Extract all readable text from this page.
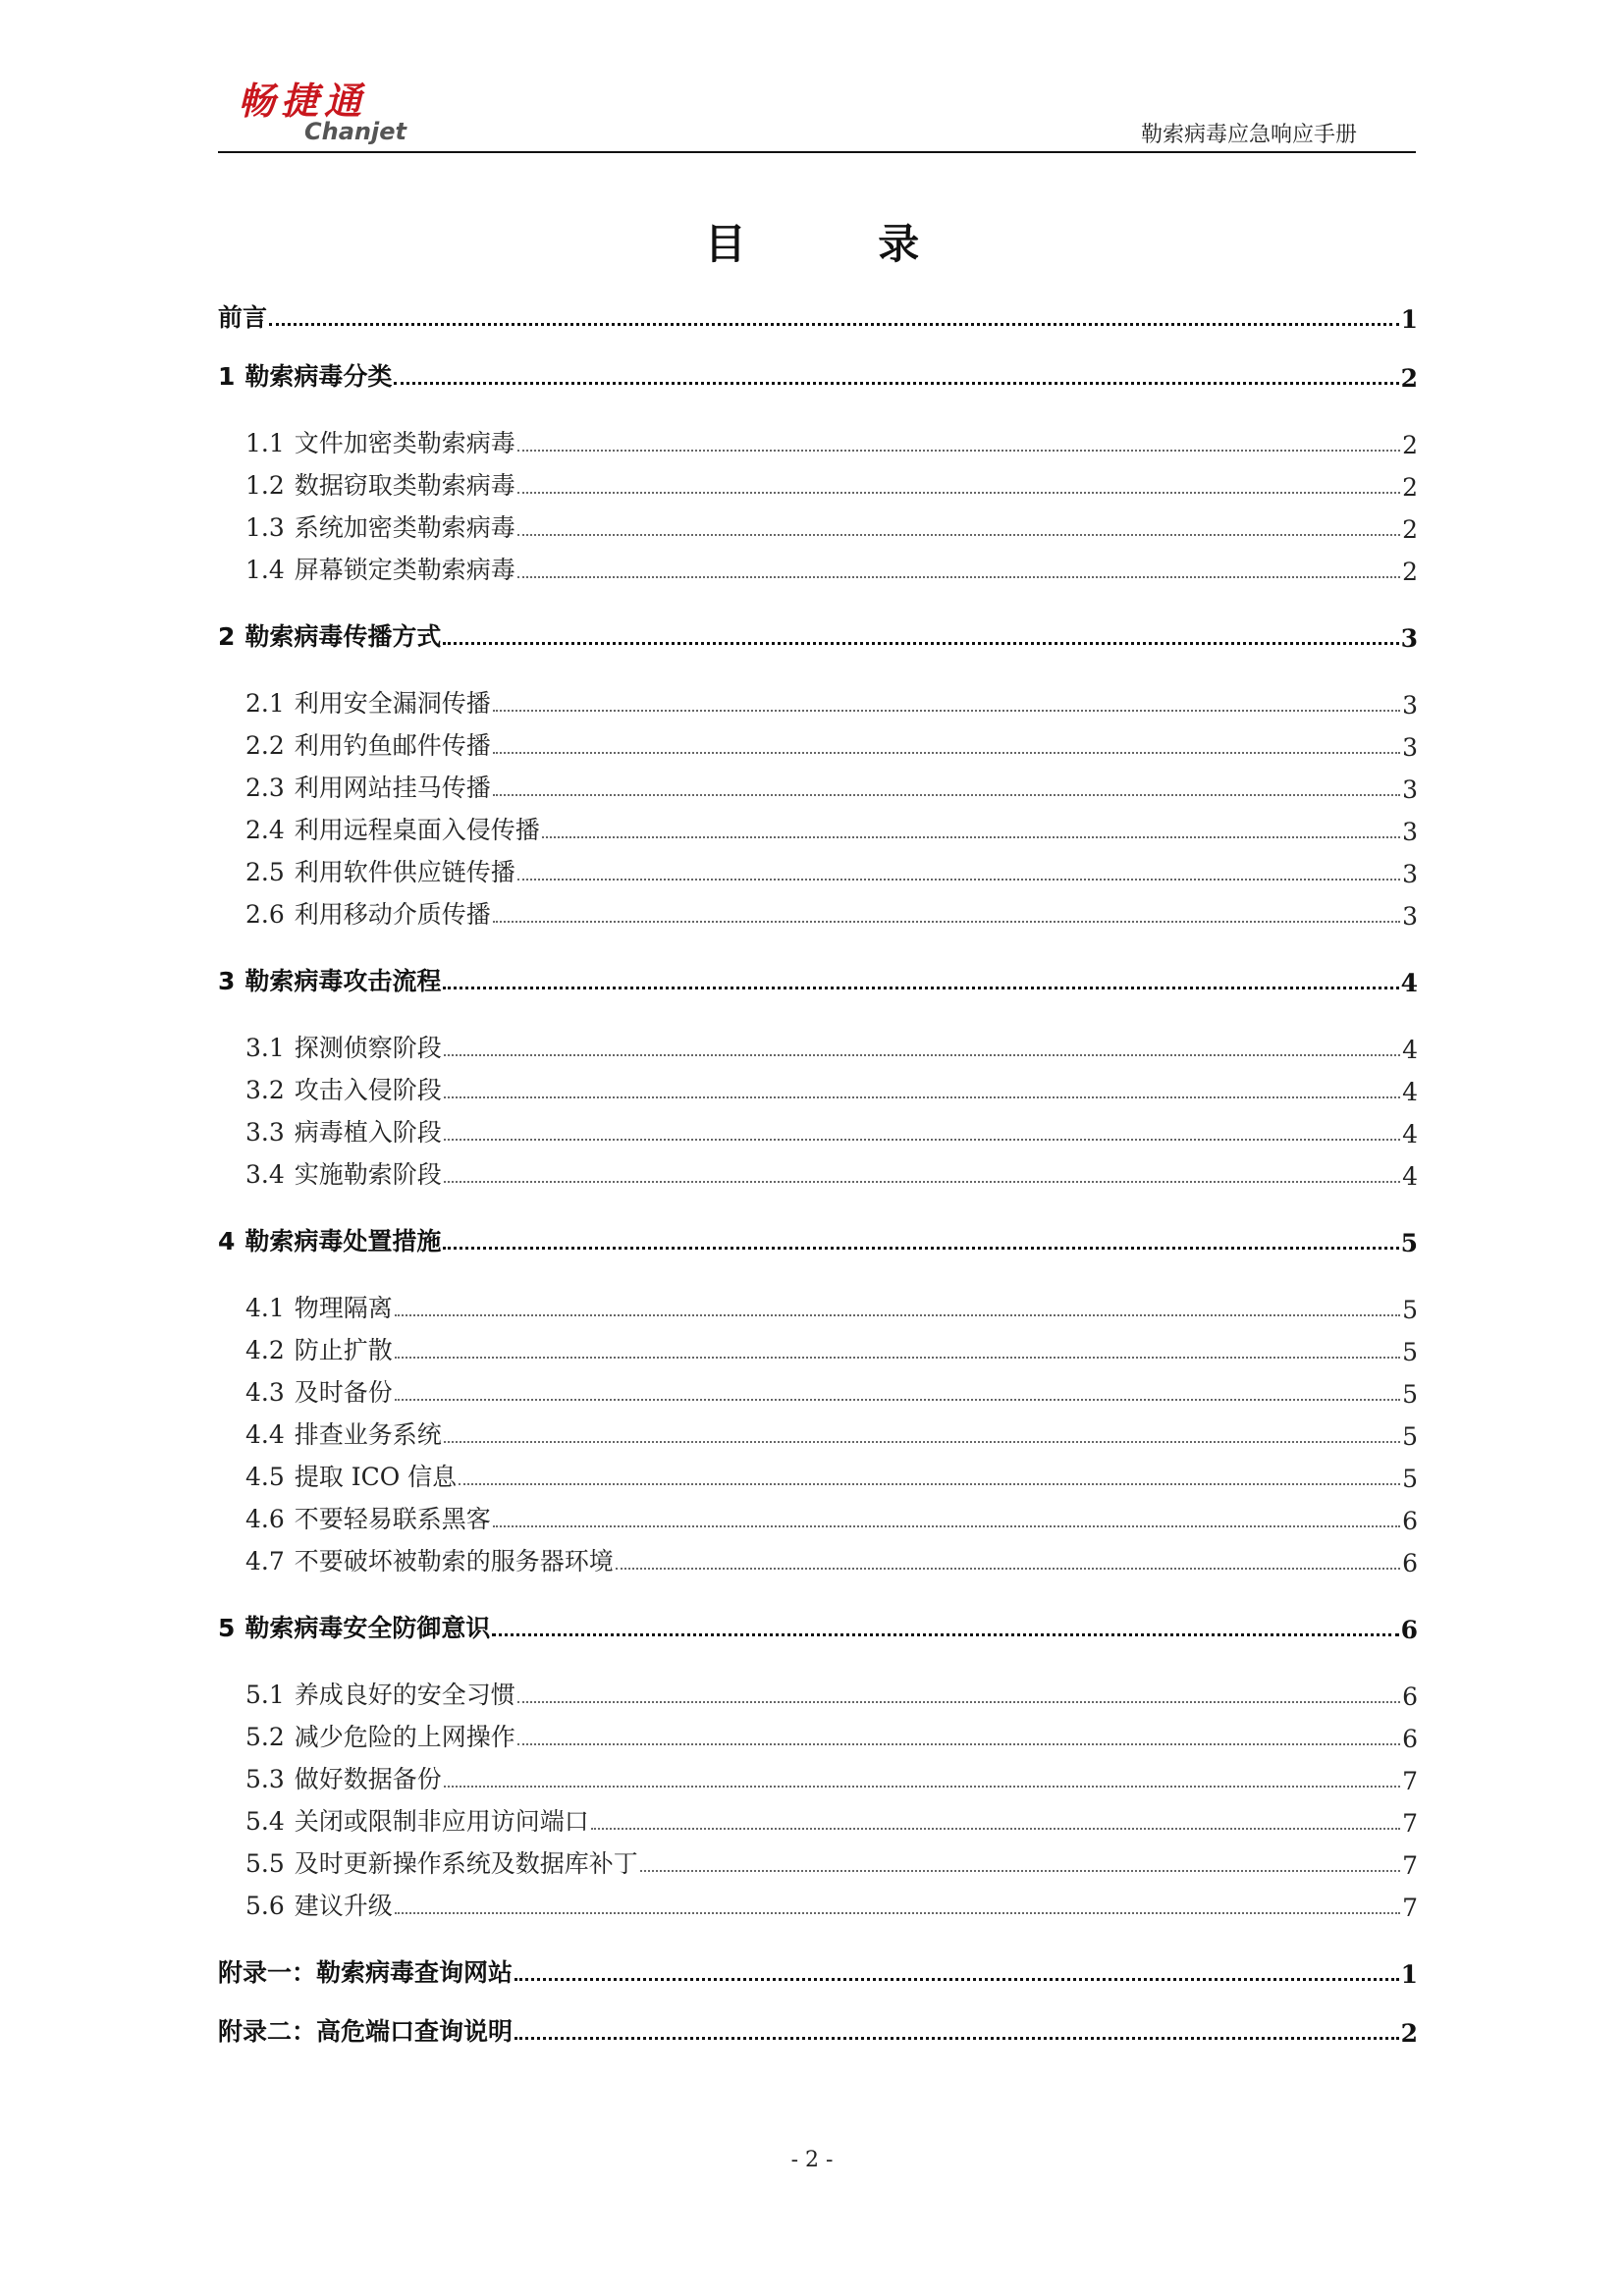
畅捷通
Chanjet	勒索病毒应急响应手册
目 录
前言	1
1 勒索病毒分类	2
1.1 文件加密类勒索病毒	2
1.2 数据窃取类勒索病毒	2
1.3 系统加密类勒索病毒	2
1.4 屏幕锁定类勒索病毒	2
2 勒索病毒传播方式	3
2.1 利用安全漏洞传播	3
2.2 利用钓鱼邮件传播	3
2.3 利用网站挂马传播	3
2.4 利用远程桌面入侵传播	3
2.5 利用软件供应链传播	3
2.6 利用移动介质传播	3
3 勒索病毒攻击流程	4
3.1 探测侦察阶段	4
3.2 攻击入侵阶段	4
3.3 病毒植入阶段	4
3.4 实施勒索阶段	4
4 勒索病毒处置措施	5
4.1 物理隔离	5
4.2 防止扩散	5
4.3 及时备份	5
4.4 排查业务系统	5
4.5 提取 ICO 信息	5
4.6 不要轻易联系黑客	6
4.7 不要破坏被勒索的服务器环境	6
5 勒索病毒安全防御意识	6
5.1 养成良好的安全习惯	6
5.2 减少危险的上网操作	6
5.3 做好数据备份	7
5.4 关闭或限制非应用访问端口	7
5.5 及时更新操作系统及数据库补丁	7
5.6 建议升级	7
附录一：勒索病毒查询网站	1
附录二：高危端口查询说明	2
- 2 -
